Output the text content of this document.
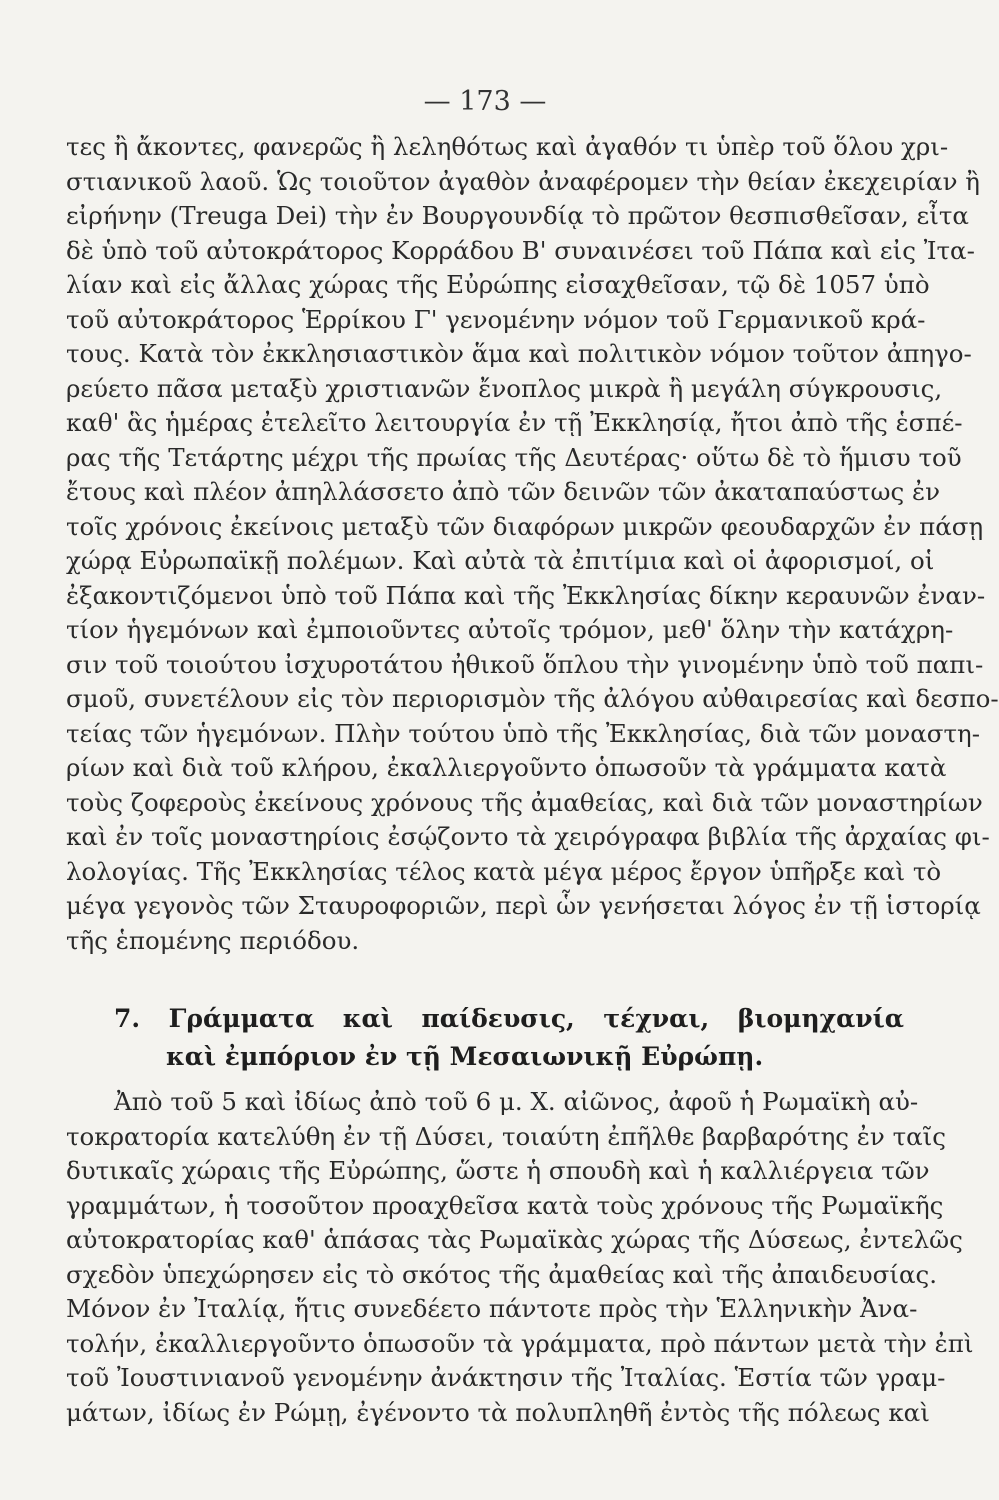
— 173 —
τες ἢ ἄκοντες, φανερῶς ἢ λεληθότως καὶ ἀγαθόν τι ὑπὲρ τοῦ ὅλου χρι-
στιανικοῦ λαοῦ. Ὡς τοιοῦτον ἀγαθὸν ἀναφέρομεν τὴν θείαν ἐκεχειρίαν ἢ
εἰρήνην (Treuga Dei) τὴν ἐν Βουργουνδίᾳ τὸ πρῶτον θεσπισθεῖσαν, εἶτα
δὲ ὑπὸ τοῦ αὐτοκράτορος Κορράδου Β' συναινέσει τοῦ Πάπα καὶ εἰς Ἰτα-
λίαν καὶ εἰς ἄλλας χώρας τῆς Εὐρώπης εἰσαχθεῖσαν, τῷ δὲ 1057 ὑπὸ
τοῦ αὐτοκράτορος Ἑρρίκου Γ' γενομένην νόμον τοῦ Γερμανικοῦ κρά-
τους. Κατὰ τὸν ἐκκλησιαστικὸν ἅμα καὶ πολιτικὸν νόμον τοῦτον ἀπηγο-
ρεύετο πᾶσα μεταξὺ χριστιανῶν ἔνοπλος μικρὰ ἢ μεγάλη σύγκρουσις,
καθ' ἃς ἡμέρας ἐτελεῖτο λειτουργία ἐν τῇ Ἐκκλησίᾳ, ἤτοι ἀπὸ τῆς ἑσπέ-
ρας τῆς Τετάρτης μέχρι τῆς πρωίας τῆς Δευτέρας· οὕτω δὲ τὸ ἥμισυ τοῦ
ἔτους καὶ πλέον ἀπηλλάσσετο ἀπὸ τῶν δεινῶν τῶν ἀκαταπαύστως ἐν
τοῖς χρόνοις ἐκείνοις μεταξὺ τῶν διαφόρων μικρῶν φεουδαρχῶν ἐν πάσῃ
χώρᾳ Εὐρωπαϊκῇ πολέμων. Καὶ αὐτὰ τὰ ἐπιτίμια καὶ οἱ ἀφορισμοί, οἱ
ἐξακοντιζόμενοι ὑπὸ τοῦ Πάπα καὶ τῆς Ἐκκλησίας δίκην κεραυνῶν ἐναν-
τίον ἡγεμόνων καὶ ἐμποιοῦντες αὐτοῖς τρόμον, μεθ' ὅλην τὴν κατάχρη-
σιν τοῦ τοιούτου ἰσχυροτάτου ἠθικοῦ ὅπλου τὴν γινομένην ὑπὸ τοῦ παπι-
σμοῦ, συνετέλουν εἰς τὸν περιορισμὸν τῆς ἀλόγου αὐθαιρεσίας καὶ δεσπο-
τείας τῶν ἡγεμόνων. Πλὴν τούτου ὑπὸ τῆς Ἐκκλησίας, διὰ τῶν μοναστη-
ρίων καὶ διὰ τοῦ κλήρου, ἐκαλλιεργοῦντο ὁπωσοῦν τὰ γράμματα κατὰ
τοὺς ζοφεροὺς ἐκείνους χρόνους τῆς ἀμαθείας, καὶ διὰ τῶν μοναστηρίων
καὶ ἐν τοῖς μοναστηρίοις ἐσῴζοντο τὰ χειρόγραφα βιβλία τῆς ἀρχαίας φι-
λολογίας. Τῆς Ἐκκλησίας τέλος κατὰ μέγα μέρος ἔργον ὑπῆρξε καὶ τὸ
μέγα γεγονὸς τῶν Σταυροφοριῶν, περὶ ὧν γενήσεται λόγος ἐν τῇ ἱστορίᾳ
τῆς ἑπομένης περιόδου.
7. Γράμματα καὶ παίδευσις, τέχναι, βιομηχανία
καὶ ἐμπόριον ἐν τῇ Μεσαιωνικῇ Εὐρώπῃ.
Ἀπὸ τοῦ 5 καὶ ἰδίως ἀπὸ τοῦ 6 μ. Χ. αἰῶνος, ἀφοῦ ἡ Ρωμαϊκὴ αὐ-
τοκρατορία κατελύθη ἐν τῇ Δύσει, τοιαύτη ἐπῆλθε βαρβαρότης ἐν ταῖς
δυτικαῖς χώραις τῆς Εὐρώπης, ὥστε ἡ σπουδὴ καὶ ἡ καλλιέργεια τῶν
γραμμάτων, ἡ τοσοῦτον προαχθεῖσα κατὰ τοὺς χρόνους τῆς Ρωμαϊκῆς
αὐτοκρατορίας καθ' ἁπάσας τὰς Ρωμαϊκὰς χώρας τῆς Δύσεως, ἐντελῶς
σχεδὸν ὑπεχώρησεν εἰς τὸ σκότος τῆς ἀμαθείας καὶ τῆς ἀπαιδευσίας.
Μόνον ἐν Ἰταλίᾳ, ἥτις συνεδέετο πάντοτε πρὸς τὴν Ἑλληνικὴν Ἀνα-
τολήν, ἐκαλλιεργοῦντο ὁπωσοῦν τὰ γράμματα, πρὸ πάντων μετὰ τὴν ἐπὶ
τοῦ Ἰουστινιανοῦ γενομένην ἀνάκτησιν τῆς Ἰταλίας. Ἑστία τῶν γραμ-
μάτων, ἰδίως ἐν Ρώμῃ, ἐγένοντο τὰ πολυπληθῆ ἐντὸς τῆς πόλεως καὶ
